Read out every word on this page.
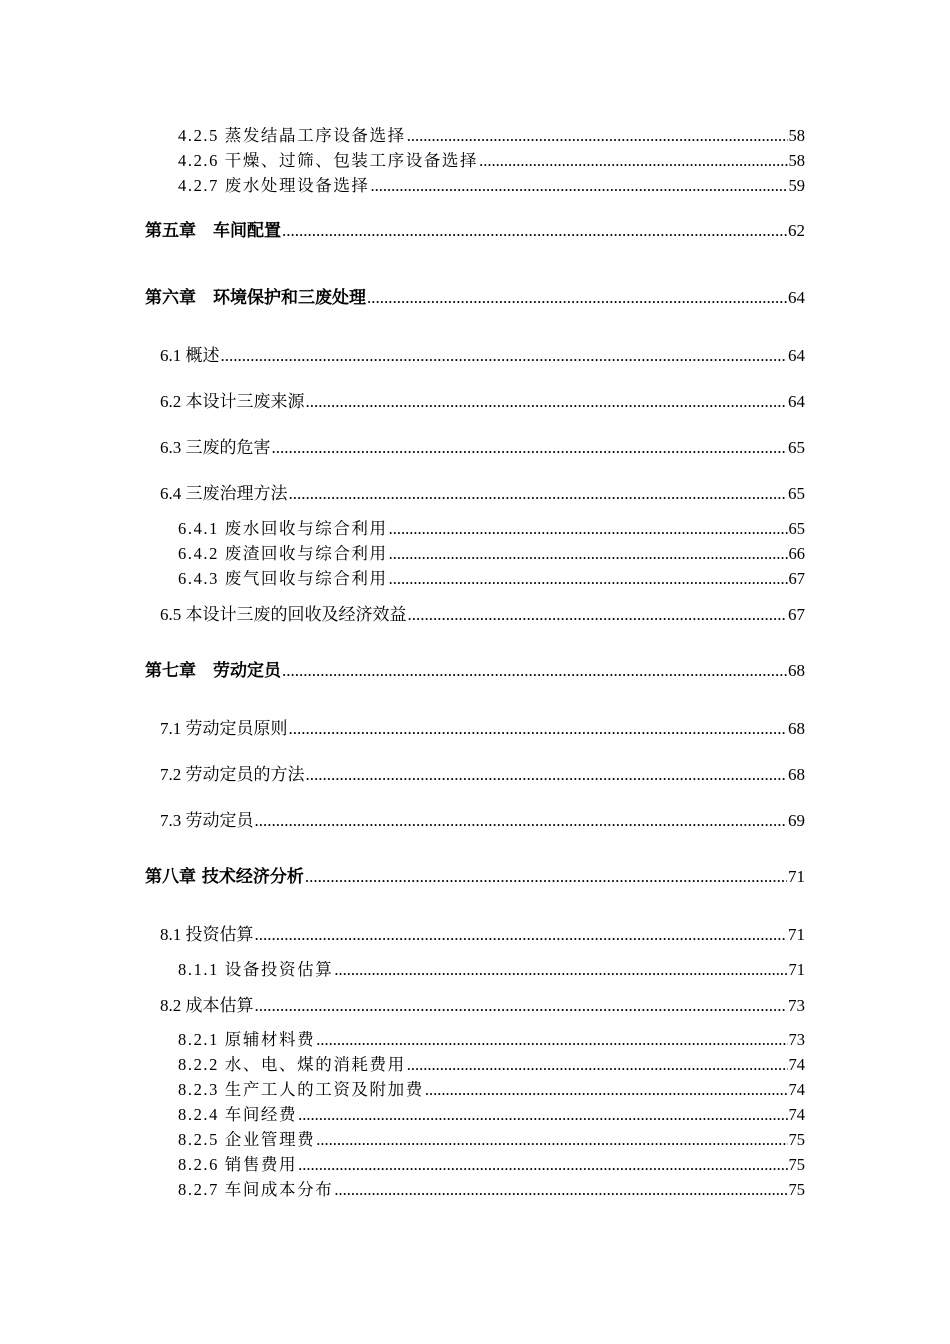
4.2.5 蒸发结晶工序设备选择 .....	58
4.2.6 干燥、过筛、包装工序设备选择 .....	58
4.2.7 废水处理设备选择 .....	59
第五章　车间配置 .....	62
第六章　环境保护和三废处理 .....	64
6.1 概述 .....	64
6.2 本设计三废来源 .....	64
6.3 三废的危害 .....	65
6.4 三废治理方法 .....	65
6.4.1 废水回收与综合利用 .....	65
6.4.2 废渣回收与综合利用 .....	66
6.4.3 废气回收与综合利用 .....	67
6.5 本设计三废的回收及经济效益 .....	67
第七章　劳动定员 .....	68
7.1 劳动定员原则 .....	68
7.2 劳动定员的方法 .....	68
7.3 劳动定员 .....	69
第八章 技术经济分析 .....	71
8.1 投资估算 .....	71
8.1.1 设备投资估算 .....	71
8.2 成本估算 .....	73
8.2.1 原辅材料费 .....	73
8.2.2 水、电、煤的消耗费用 .....	74
8.2.3 生产工人的工资及附加费 .....	74
8.2.4 车间经费 .....	74
8.2.5 企业管理费 .....	75
8.2.6 销售费用 .....	75
8.2.7 车间成本分布 .....	75
